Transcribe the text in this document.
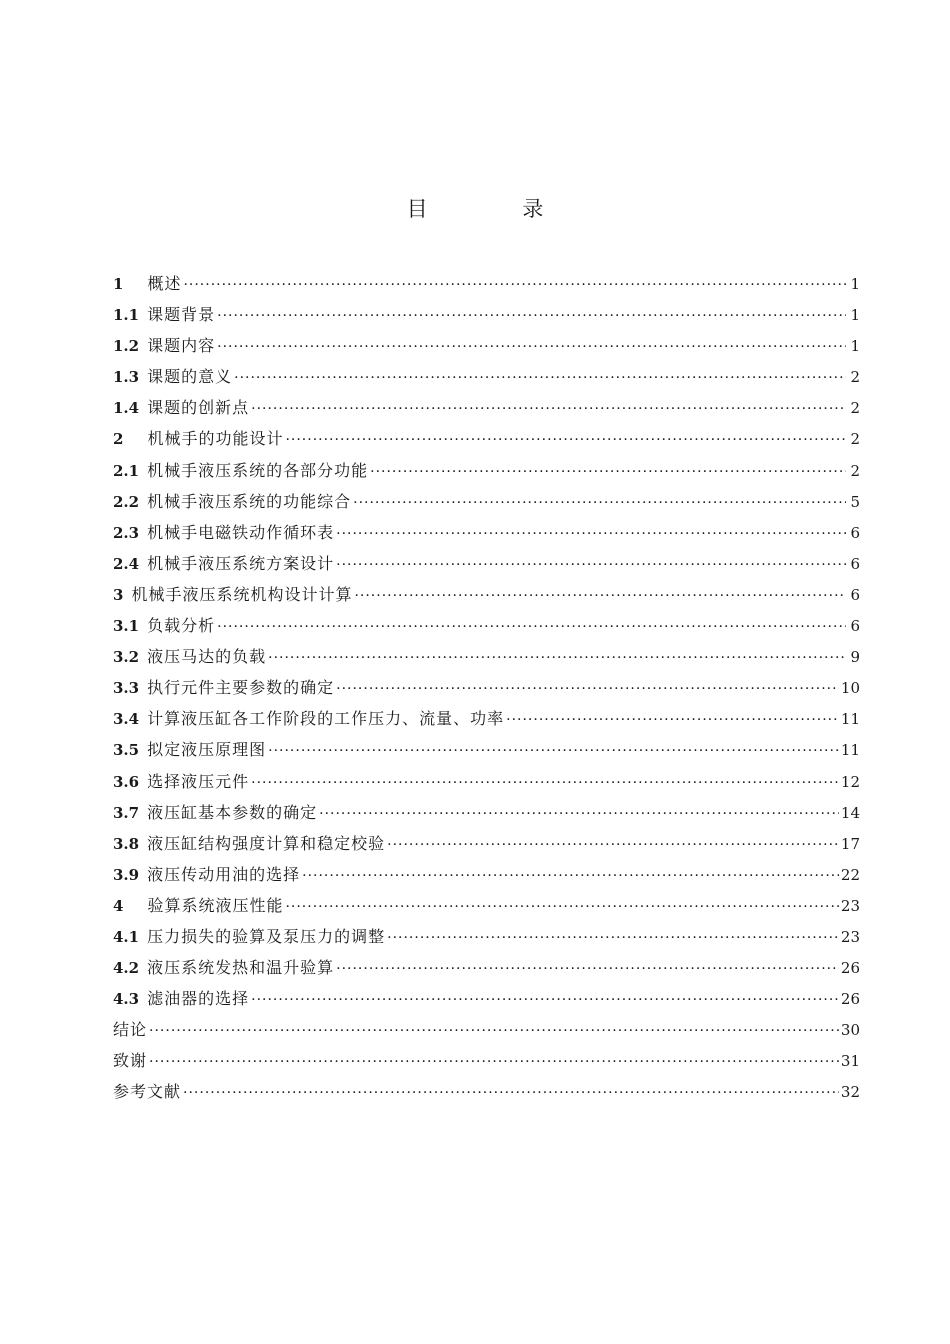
目 录
1	概述 ·····	1
1.1 课题背景 ·····	1
1.2 课题内容 ·····	1
1.3 课题的意义 ·····	2
1.4 课题的创新点 ·····	2
2	机械手的功能设计 ·····	2
2.1 机械手液压系统的各部分功能 ·····	2
2.2 机械手液压系统的功能综合 ·····	5
2.3 机械手电磁铁动作循环表 ·····	6
2.4 机械手液压系统方案设计 ·····	6
3 机械手液压系统机构设计计算 ·····	6
3.1 负载分析 ·····	6
3.2 液压马达的负载 ·····	9
3.3 执行元件主要参数的确定 ·····	10
3.4 计算液压缸各工作阶段的工作压力、流量、功率 ·····	11
3.5 拟定液压原理图 ·····	11
3.6 选择液压元件 ·····	12
3.7 液压缸基本参数的确定 ·····	14
3.8 液压缸结构强度计算和稳定校验 ·····	17
3.9 液压传动用油的选择 ·····	22
4	验算系统液压性能 ·····	23
4.1 压力损失的验算及泵压力的调整 ·····	23
4.2 液压系统发热和温升验算 ·····	26
4.3 滤油器的选择 ·····	26
结论 ·····	30
致谢 ·····	31
参考文献 ·····	32
